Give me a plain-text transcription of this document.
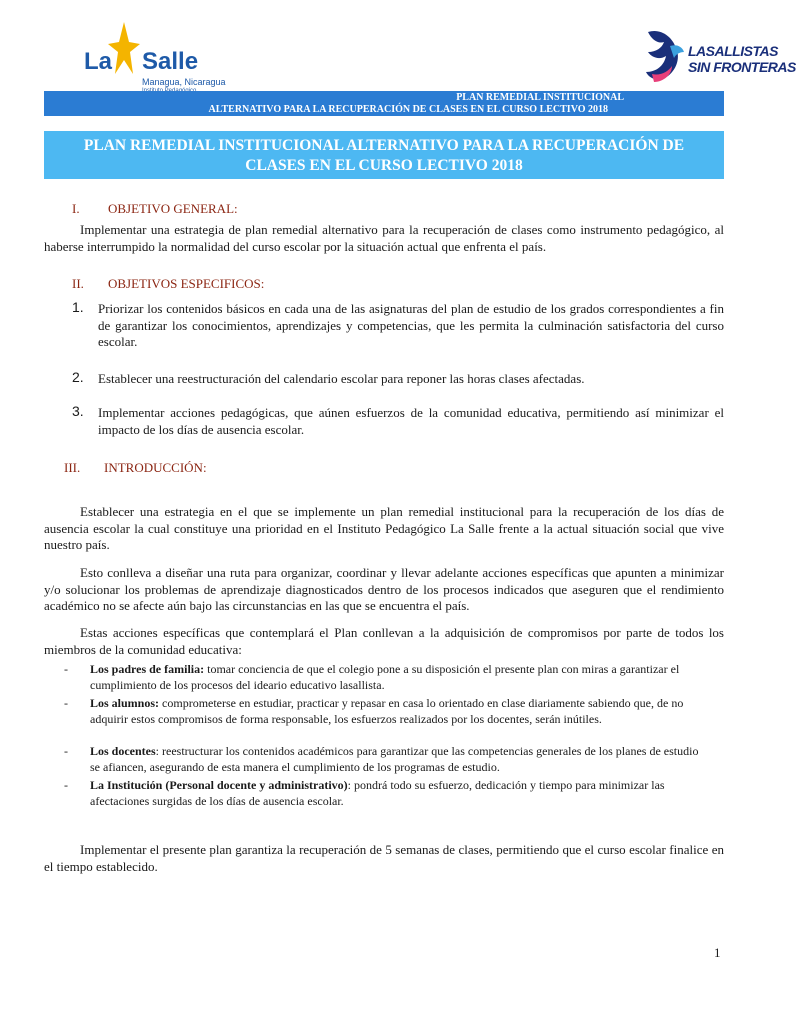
La Salle
Managua, Nicaragua
LASALLISTAS
SIN FRONTERAS
PLAN REMEDIAL INSTITUCIONAL
ALTERNATIVO PARA LA RECUPERACIÓN DE CLASES EN EL CURSO LECTIVO 2018
PLAN REMEDIAL INSTITUCIONAL ALTERNATIVO PARA LA RECUPERACIÓN DE CLASES EN EL CURSO LECTIVO 2018
I. OBJETIVO GENERAL:
Implementar una estrategia de plan remedial alternativo para la recuperación de clases como instrumento pedagógico, al haberse interrumpido la normalidad del curso escolar por la situación actual que enfrenta el país.
II. OBJETIVOS ESPECIFICOS:
1. Priorizar los contenidos básicos en cada una de las asignaturas del plan de estudio de los grados correspondientes a fin de garantizar los conocimientos, aprendizajes y competencias, que les permita la culminación satisfactoria del curso escolar.
2. Establecer una reestructuración del calendario escolar para reponer las horas clases afectadas.
3. Implementar acciones pedagógicas, que aúnen esfuerzos de la comunidad educativa, permitiendo así minimizar el impacto de los días de ausencia escolar.
III. INTRODUCCIÓN:
Establecer una estrategia en el que se implemente un plan remedial institucional para la recuperación de los días de ausencia escolar la cual constituye una prioridad en el Instituto Pedagógico La Salle frente a la actual situación social que vive nuestro país.
Esto conlleva a diseñar una ruta para organizar, coordinar y llevar adelante acciones específicas que apunten a minimizar y/o solucionar los problemas de aprendizaje diagnosticados dentro de los procesos indicados que aseguren que el rendimiento académico no se afecte aún bajo las circunstancias en las que se encuentra el país.
Estas acciones específicas que contemplará el Plan conllevan a la adquisición de compromisos por parte de todos los miembros de la comunidad educativa:
- Los padres de familia: tomar conciencia de que el colegio pone a su disposición el presente plan con miras a garantizar el cumplimiento de los procesos del ideario educativo lasallista.
- Los alumnos: comprometerse en estudiar, practicar y repasar en casa lo orientado en clase diariamente sabiendo que, de no adquirir estos compromisos de forma responsable, los esfuerzos realizados por los docentes, serán inútiles.
- Los docentes: reestructurar los contenidos académicos para garantizar que las competencias generales de los planes de estudio se afiancen, asegurando de esta manera el cumplimiento de los programas de estudio.
- La Institución (Personal docente y administrativo): pondrá todo su esfuerzo, dedicación y tiempo para minimizar las afectaciones surgidas de los días de ausencia escolar.
Implementar el presente plan garantiza la recuperación de 5 semanas de clases, permitiendo que el curso escolar finalice en el tiempo establecido.
1
